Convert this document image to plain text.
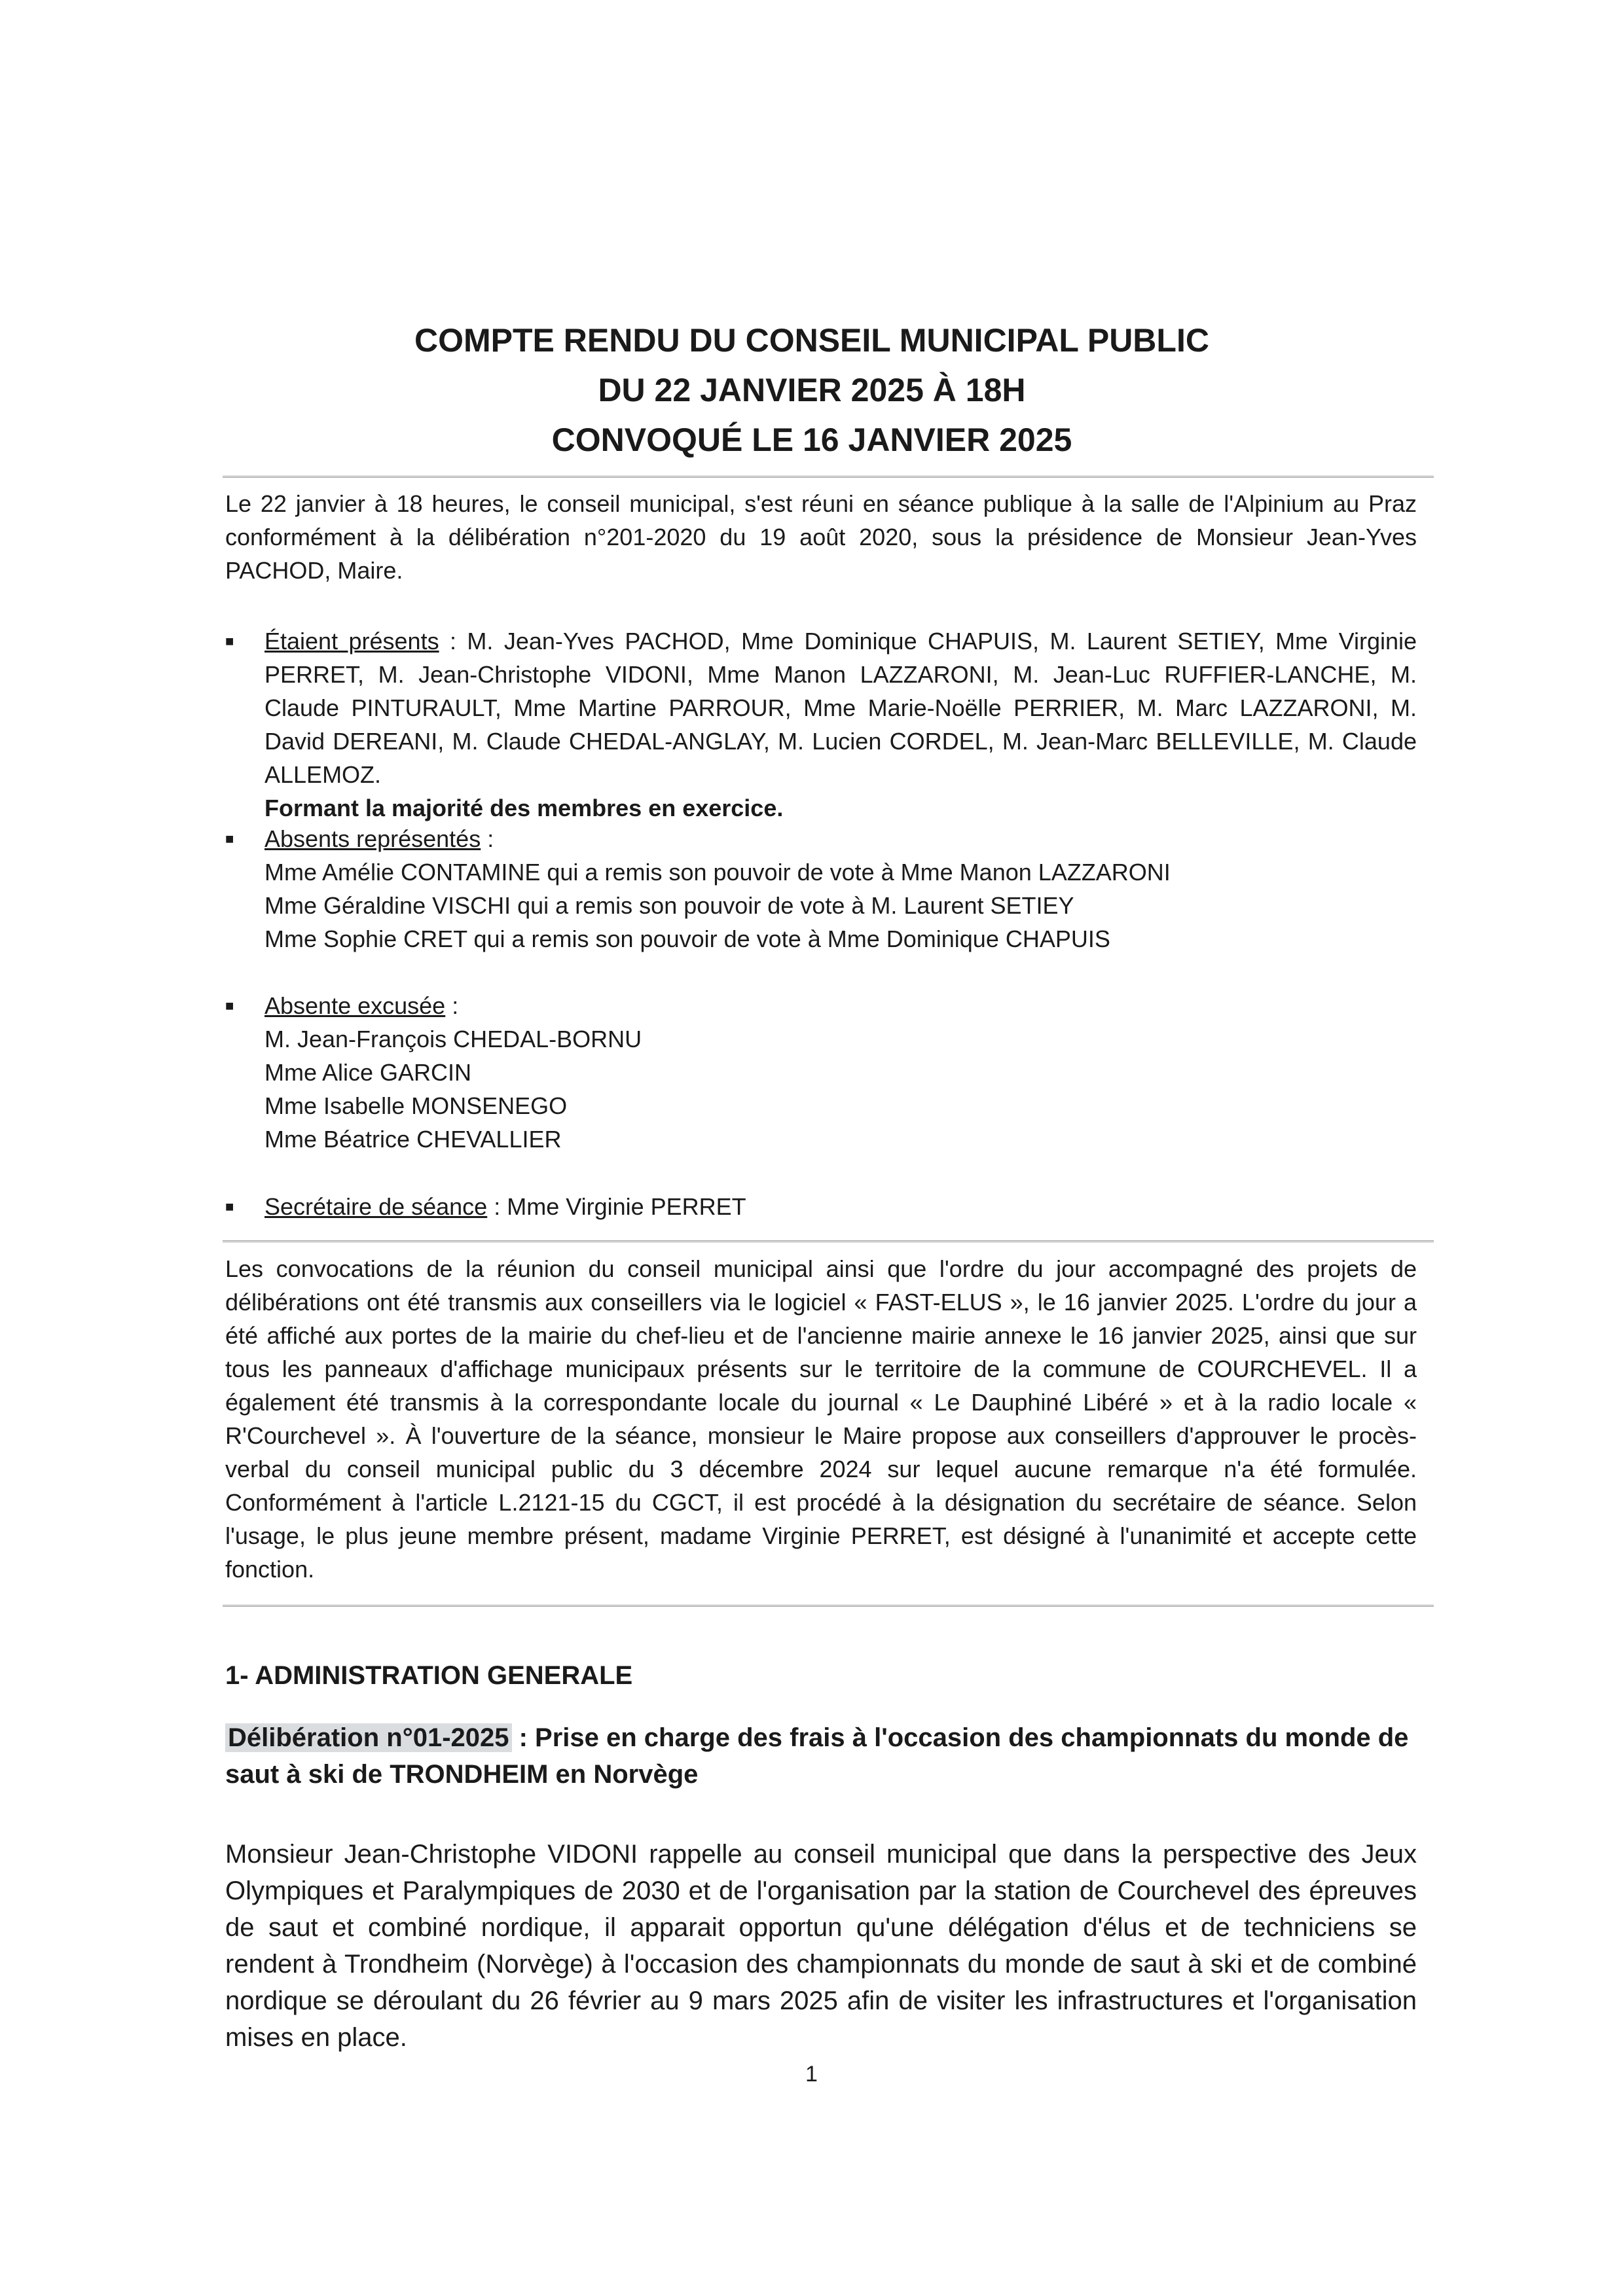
COMPTE RENDU DU CONSEIL MUNICIPAL PUBLIC
DU 22 JANVIER 2025 À 18H
CONVOQUÉ LE 16 JANVIER 2025

Le 22 janvier à 18 heures, le conseil municipal, s'est réuni en séance publique à la salle de l'Alpinium au Praz conformément à la délibération n°201-2020 du 19 août 2020, sous la présidence de Monsieur Jean-Yves PACHOD, Maire.

■	Étaient présents : M. Jean-Yves PACHOD, Mme Dominique CHAPUIS, M. Laurent SETIEY, Mme Virginie PERRET, M. Jean-Christophe VIDONI, Mme Manon LAZZARONI, M. Jean-Luc RUFFIER-LANCHE, M. Claude PINTURAULT, Mme Martine PARROUR, Mme Marie-Noëlle PERRIER, M. Marc LAZZARONI, M. David DEREANI, M. Claude CHEDAL-ANGLAY, M. Lucien CORDEL, M. Jean-Marc BELLEVILLE, M. Claude ALLEMOZ.
Formant la majorité des membres en exercice.
■	Absents représentés :
Mme Amélie CONTAMINE qui a remis son pouvoir de vote à Mme Manon LAZZARONI
Mme Géraldine VISCHI qui a remis son pouvoir de vote à M. Laurent SETIEY
Mme Sophie CRET qui a remis son pouvoir de vote à Mme Dominique CHAPUIS
■	Absente excusée :
M. Jean-François CHEDAL-BORNU
Mme Alice GARCIN
Mme Isabelle MONSENEGO
Mme Béatrice CHEVALLIER
■	Secrétaire de séance : Mme Virginie PERRET

Les convocations de la réunion du conseil municipal ainsi que l'ordre du jour accompagné des projets de délibérations ont été transmis aux conseillers via le logiciel « FAST-ELUS », le 16 janvier 2025. L'ordre du jour a été affiché aux portes de la mairie du chef-lieu et de l'ancienne mairie annexe le 16 janvier 2025, ainsi que sur tous les panneaux d'affichage municipaux présents sur le territoire de la commune de COURCHEVEL. Il a également été transmis à la correspondante locale du journal « Le Dauphiné Libéré » et à la radio locale « R'Courchevel ». À l'ouverture de la séance, monsieur le Maire propose aux conseillers d'approuver le procès-verbal du conseil municipal public du 3 décembre 2024 sur lequel aucune remarque n'a été formulée. Conformément à l'article L.2121-15 du CGCT, il est procédé à la désignation du secrétaire de séance. Selon l'usage, le plus jeune membre présent, madame Virginie PERRET, est désigné à l'unanimité et accepte cette fonction.

1- ADMINISTRATION GENERALE
Délibération n°01-2025 : Prise en charge des frais à l'occasion des championnats du monde de saut à ski de TRONDHEIM en Norvège

Monsieur Jean-Christophe VIDONI rappelle au conseil municipal que dans la perspective des Jeux Olympiques et Paralympiques de 2030 et de l'organisation par la station de Courchevel des épreuves de saut et combiné nordique, il apparait opportun qu'une délégation d'élus et de techniciens se rendent à Trondheim (Norvège) à l'occasion des championnats du monde de saut à ski et de combiné nordique se déroulant du 26 février au 9 mars 2025 afin de visiter les infrastructures et l'organisation mises en place.

1
